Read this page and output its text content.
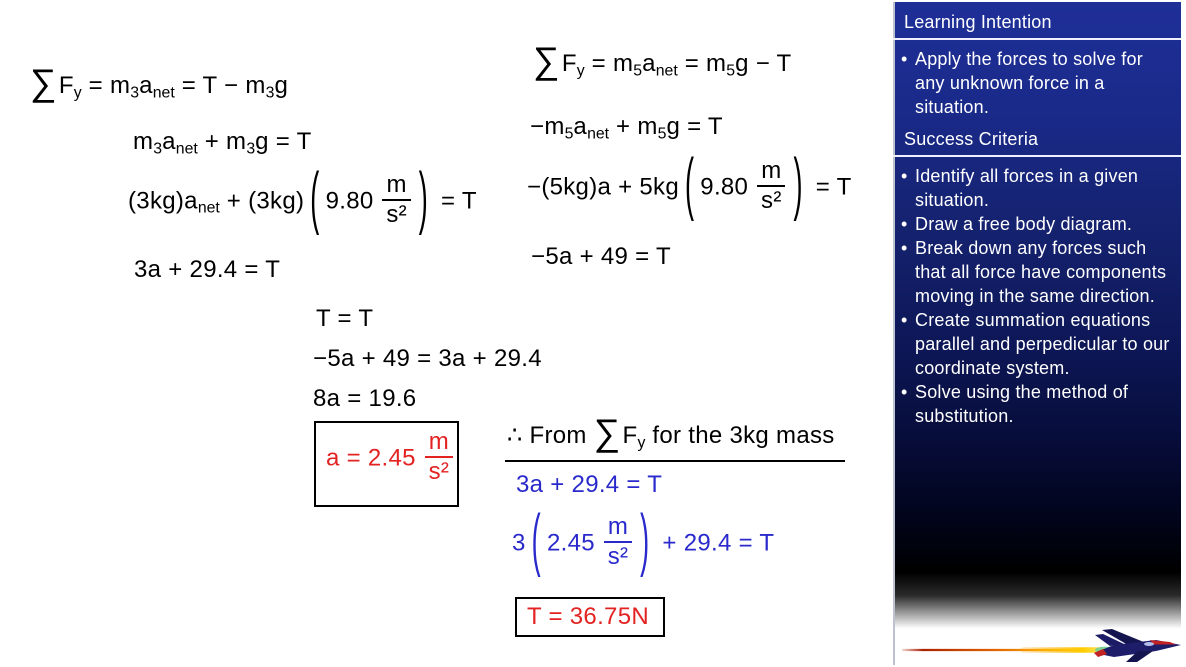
∑Fy = m3anet = T − m3g
m3anet + m3g = T
(3kg)anet + (3kg) ( $9.80 \frac{m}{\text{s²}}$ ) = T
3a + 29.4 = T
∑Fy = m5anet = m5g − T
−m5anet + m5g = T
−(5kg)a + 5kg ( $9.80 \frac{m}{\text{s²}}$ ) = T
−5a + 49 = T
T = T
−5a + 49 = 3a + 29.4
8a = 19.6
$a = 2.45 \frac{m}{\text{s²}}$ ∴ From ∑Fy for the 3kg mass
3a + 29.4 = T
3 ( $2.45 \frac{m}{\text{s²}}$ ) + 29.4 = T
T = 36.75N
Learning Intention
• Apply the forces to solve for any unknown force in a situation.
Success Criteria
• Identify all forces in a given situation.
• Draw a free body diagram.
• Break down any forces such that all force have components moving in the same direction.
• Create summation equations parallel and perpedicular to our coordinate system.
• Solve using the method of substitution.
